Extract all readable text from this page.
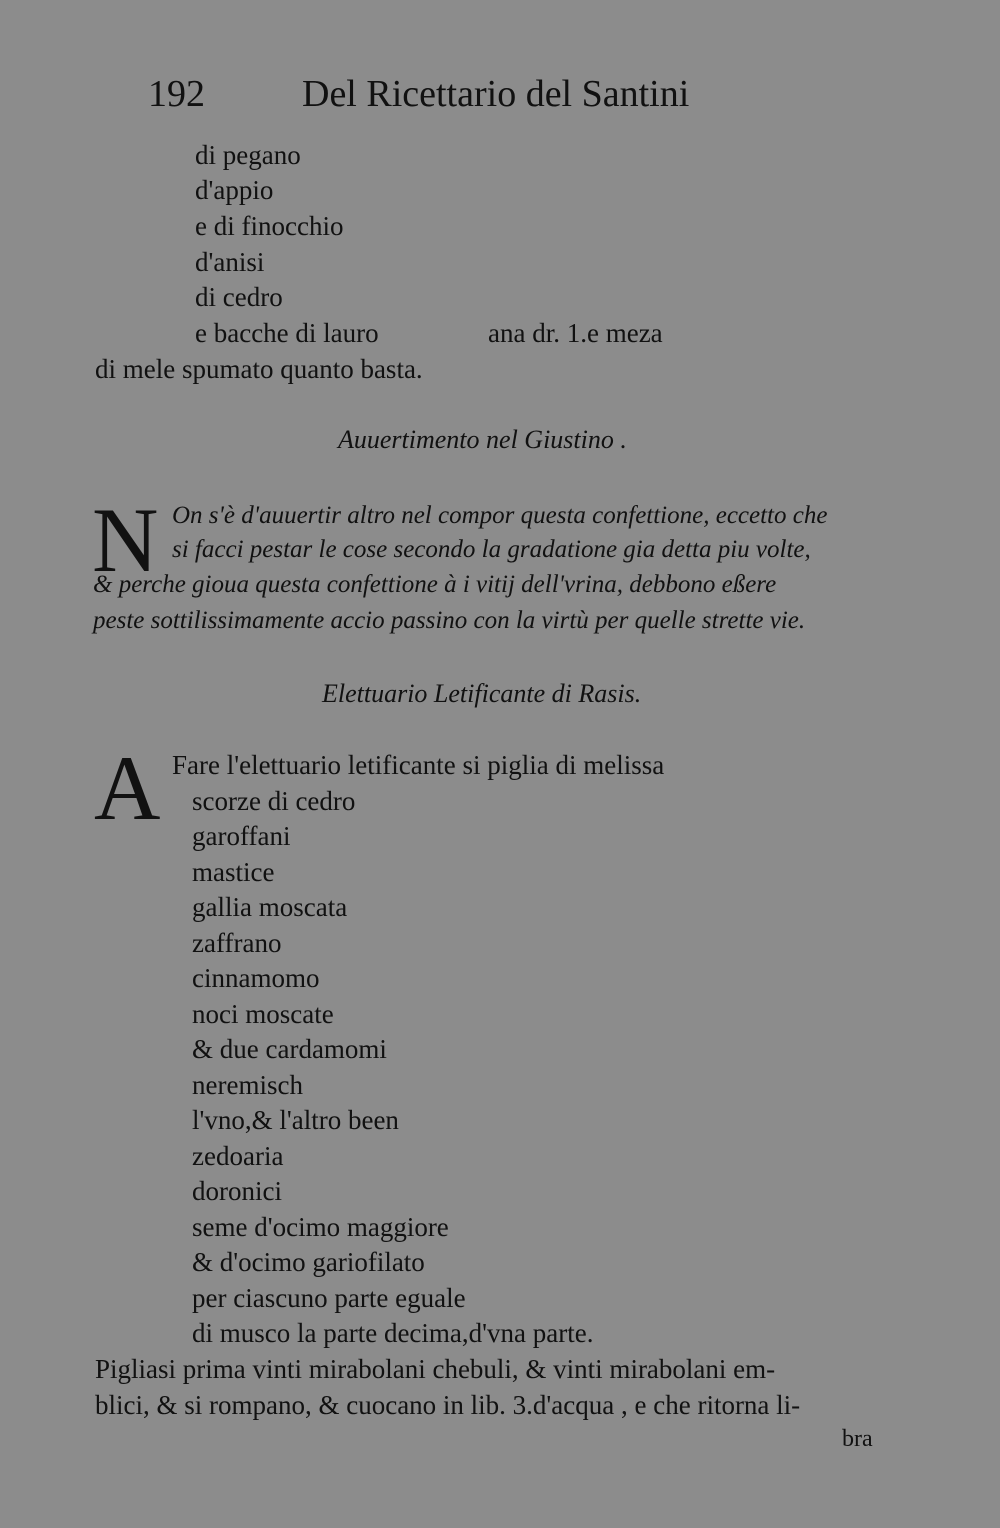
192	Del Ricettario del Santini
di pegano
d'appio
e di finocchio
d'anisi
di cedro
e bacche di lauro	ana dr. 1.e meza
di mele spumato quanto basta.
Auuertimento nel Giustino .
N On s'è d'auuertir altro nel compor questa confettione, eccetto che
si facci pestar le cose secondo la gradatione gia detta piu volte,
& perche gioua questa confettione à i vitij dell'vrina, debbono eßere
peste sottilissimamente accio passino con la virtù per quelle strette vie.
Elettuario Letificante di Rasis.
A Fare l'elettuario letificante si piglia di melissa
scorze di cedro
garoffani
mastice
gallia moscata
zaffrano
cinnamomo
noci moscate
& due cardamomi
neremisch
l'vno,& l'altro been
zedoaria
doronici
seme d'ocimo maggiore
& d'ocimo gariofilato
per ciascuno parte eguale
di musco la parte decima,d'vna parte.
Pigliasi prima vinti mirabolani chebuli, & vinti mirabolani em-
blici, & si rompano, & cuocano in lib. 3.d'acqua , e che ritorna li-
bra
